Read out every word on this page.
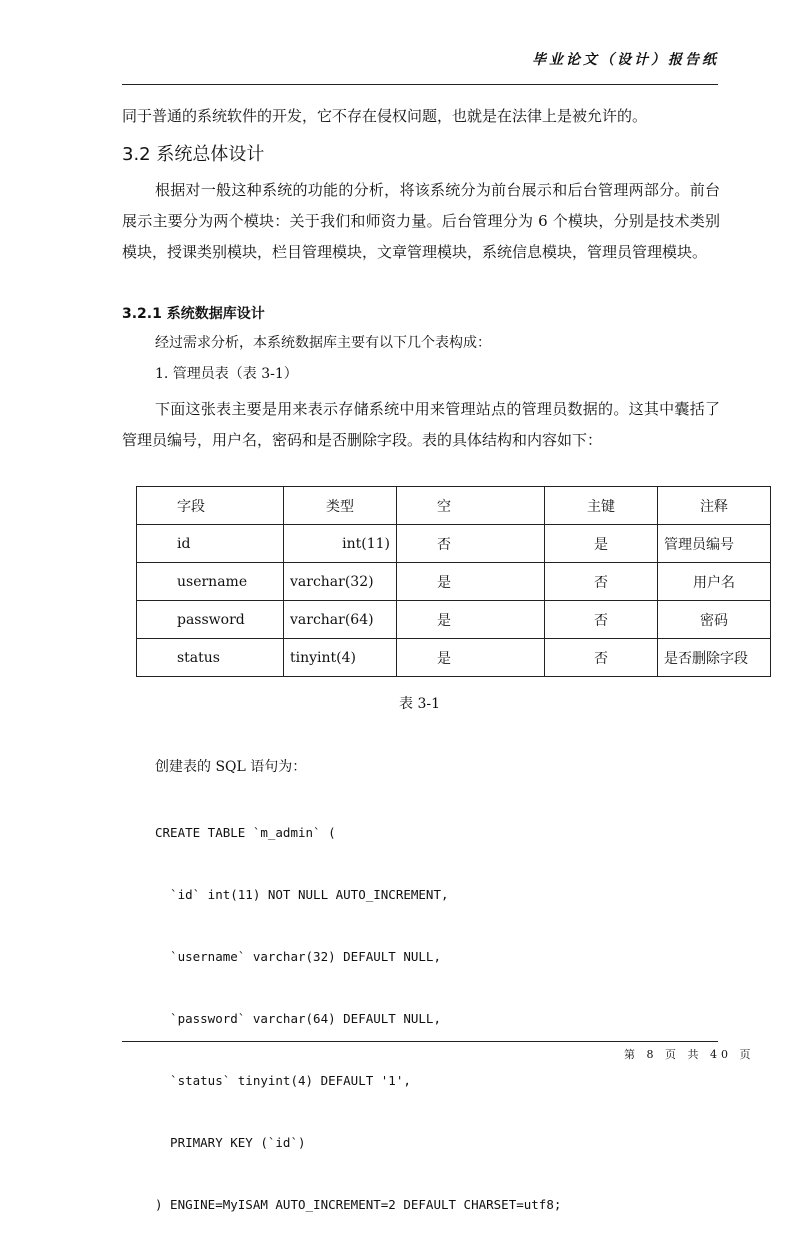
毕业论文（设计）报告纸
同于普通的系统软件的开发，它不存在侵权问题，也就是在法律上是被允许的。
3.2 系统总体设计
根据对一般这种系统的功能的分析，将该系统分为前台展示和后台管理两部分。前台展示主要分为两个模块：关于我们和师资力量。后台管理分为 6 个模块，分别是技术类别模块，授课类别模块，栏目管理模块，文章管理模块，系统信息模块，管理员管理模块。
3.2.1 系统数据库设计
经过需求分析，本系统数据库主要有以下几个表构成：
1. 管理员表（表 3-1）
下面这张表主要是用来表示存储系统中用来管理站点的管理员数据的。这其中囊括了管理员编号，用户名，密码和是否删除字段。表的具体结构和内容如下：
字段	类型	空	主键	注释
id	int(11)	否	是	管理员编号
username	varchar(32)	是	否	用户名
password	varchar(64)	是	否	密码
status	tinyint(4)	是	否	是否删除字段
表 3-1
创建表的 SQL 语句为：

CREATE TABLE `m_admin` (

`id` int(11) NOT NULL AUTO_INCREMENT,

`username` varchar(32) DEFAULT NULL,

`password` varchar(64) DEFAULT NULL,

`status` tinyint(4) DEFAULT '1',

PRIMARY KEY (`id`)

) ENGINE=MyISAM AUTO_INCREMENT=2 DEFAULT CHARSET=utf8;

第 8 页 共 40 页
